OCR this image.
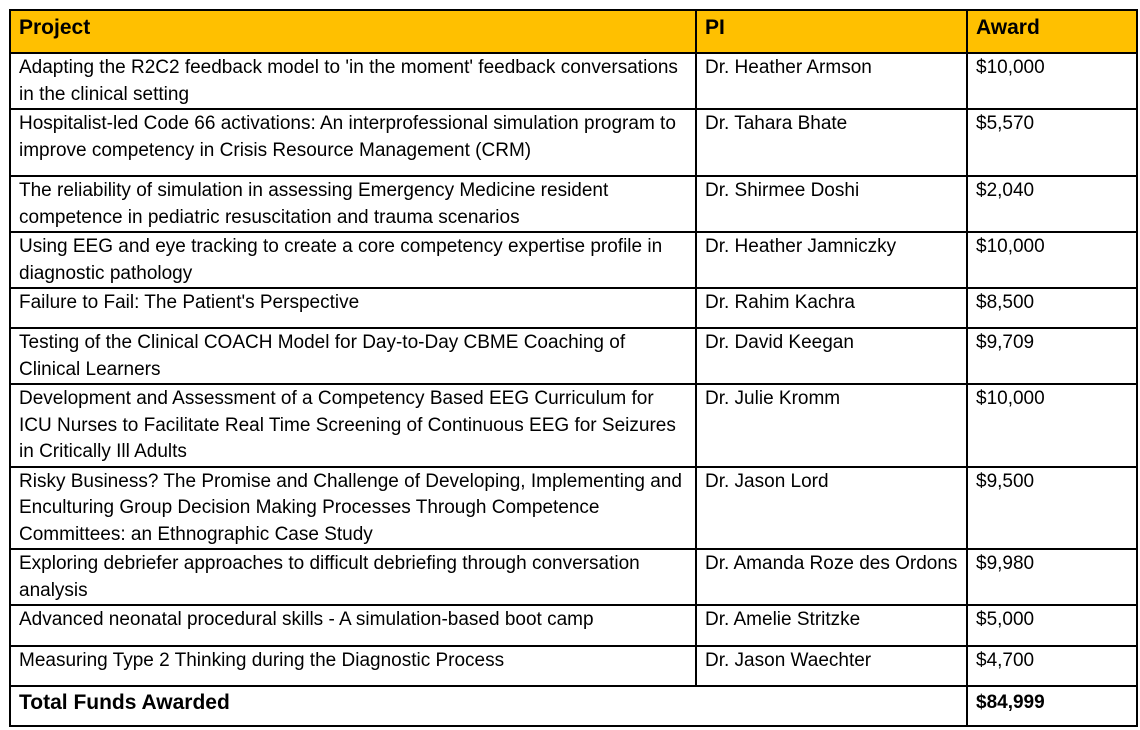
Project	PI	Award
Adapting the R2C2 feedback model to 'in the moment' feedback conversations in the clinical setting	Dr. Heather Armson	$10,000
Hospitalist-led Code 66 activations: An interprofessional simulation program to improve competency in Crisis Resource Management (CRM)	Dr. Tahara Bhate	$5,570
The reliability of simulation in assessing Emergency Medicine resident competence in pediatric resuscitation and trauma scenarios	Dr. Shirmee Doshi	$2,040
Using EEG and eye tracking to create a core competency expertise profile in diagnostic pathology	Dr. Heather Jamniczky	$10,000
Failure to Fail: The Patient's Perspective	Dr. Rahim Kachra	$8,500
Testing of the Clinical COACH Model for Day-to-Day CBME Coaching of Clinical Learners	Dr. David Keegan	$9,709
Development and Assessment of a Competency Based EEG Curriculum for ICU Nurses to Facilitate Real Time Screening of Continuous EEG for Seizures in Critically Ill Adults	Dr. Julie Kromm	$10,000
Risky Business? The Promise and Challenge of Developing, Implementing and Enculturing Group Decision Making Processes Through Competence Committees: an Ethnographic Case Study	Dr. Jason Lord	$9,500
Exploring debriefer approaches to difficult debriefing through conversation analysis	Dr. Amanda Roze des Ordons	$9,980
Advanced neonatal procedural skills - A simulation-based boot camp	Dr. Amelie Stritzke	$5,000
Measuring Type 2 Thinking during the Diagnostic Process	Dr. Jason Waechter	$4,700
Total Funds Awarded		$84,999
